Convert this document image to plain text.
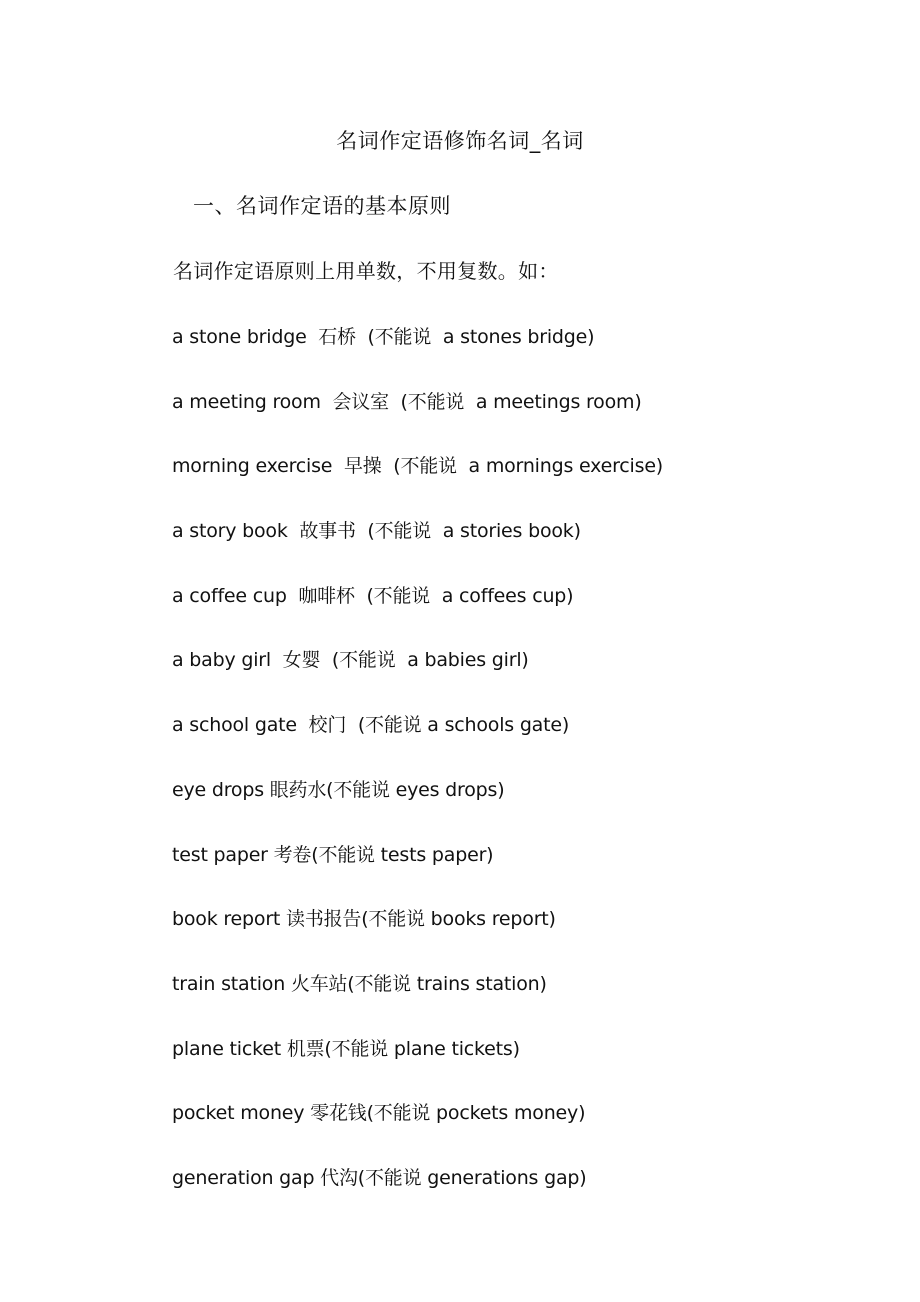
名词作定语修饰名词_名词
一、名词作定语的基本原则
名词作定语原则上用单数，不用复数。如：
a stone bridge  石桥  (不能说  a stones bridge)
a meeting room  会议室  (不能说  a meetings room)
morning exercise  早操  (不能说  a mornings exercise)
a story book  故事书  (不能说  a stories book)
a coffee cup  咖啡杯  (不能说  a coffees cup)
a baby girl  女婴  (不能说  a babies girl)
a school gate  校门  (不能说 a schools gate)
eye drops 眼药水(不能说 eyes drops)
test paper 考卷(不能说 tests paper)
book report 读书报告(不能说 books report)
train station 火车站(不能说 trains station)
plane ticket 机票(不能说 plane tickets)
pocket money 零花钱(不能说 pockets money)
generation gap 代沟(不能说 generations gap)
